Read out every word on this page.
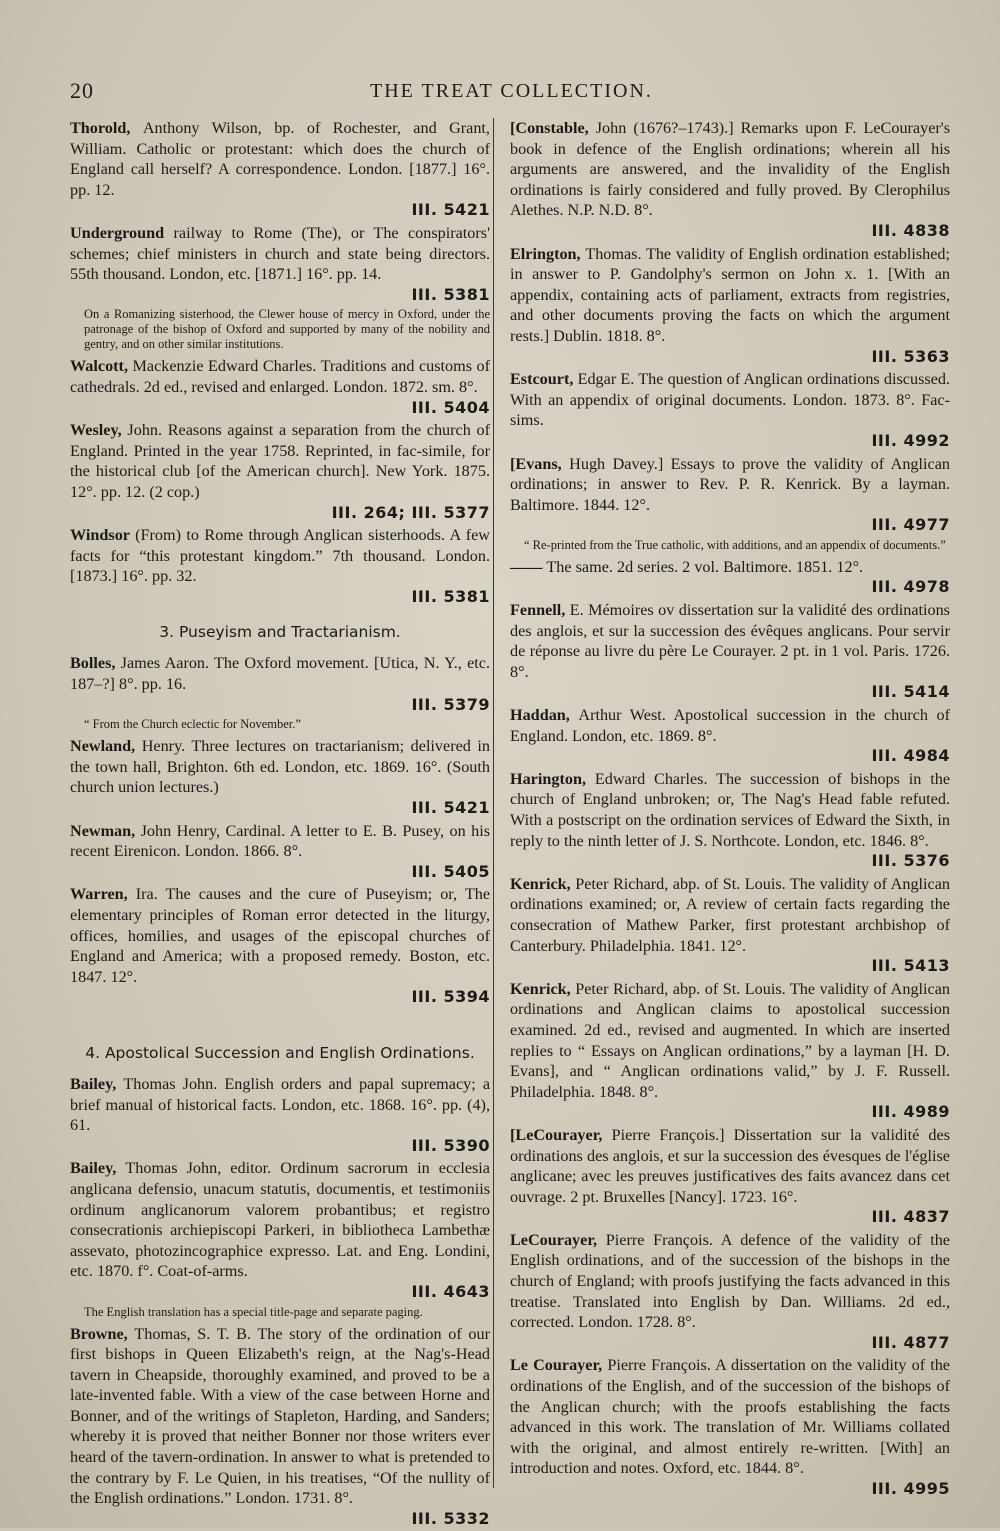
20	THE TREAT COLLECTION.
Thorold, Anthony Wilson, bp. of Rochester, and Grant, William. Catholic or protestant: which does the church of England call herself? A correspondence. London. [1877.] 16°. pp. 12.
III. 5421
Underground railway to Rome (The), or The conspirators' schemes; chief ministers in church and state being directors. 55th thousand. London, etc. [1871.] 16°. pp. 14.
III. 5381
On a Romanizing sisterhood, the Clewer house of mercy in Oxford, under the patronage of the bishop of Oxford and supported by many of the nobility and gentry, and on other similar institutions.
Walcott, Mackenzie Edward Charles. Traditions and customs of cathedrals. 2d ed., revised and enlarged. London. 1872. sm. 8°.
III. 5404
Wesley, John. Reasons against a separation from the church of England. Printed in the year 1758. Reprinted, in fac-simile, for the historical club [of the American church]. New York. 1875. 12°. pp. 12. (2 cop.)
III. 264; III. 5377
Windsor (From) to Rome through Anglican sisterhoods. A few facts for “this protestant kingdom.” 7th thousand. London. [1873.] 16°. pp. 32.
III. 5381
3. Puseyism and Tractarianism.
Bolles, James Aaron. The Oxford movement. [Utica, N. Y., etc. 187–?] 8°. pp. 16.
III. 5379
“ From the Church eclectic for November.”
Newland, Henry. Three lectures on tractarianism; delivered in the town hall, Brighton. 6th ed. London, etc. 1869. 16°. (South church union lectures.)
III. 5421
Newman, John Henry, Cardinal. A letter to E. B. Pusey, on his recent Eirenicon. London. 1866. 8°.
III. 5405
Warren, Ira. The causes and the cure of Puseyism; or, The elementary principles of Roman error detected in the liturgy, offices, homilies, and usages of the episcopal churches of England and America; with a proposed remedy. Boston, etc. 1847. 12°.
III. 5394
4. Apostolical Succession and English Ordinations.
Bailey, Thomas John. English orders and papal supremacy; a brief manual of historical facts. London, etc. 1868. 16°. pp. (4), 61.
III. 5390
Bailey, Thomas John, editor. Ordinum sacrorum in ecclesia anglicana defensio, unacum statutis, documentis, et testimoniis ordinum anglicanorum valorem probantibus; et registro consecrationis archiepiscopi Parkeri, in bibliotheca Lambethæ assevato, photozincographice expresso. Lat. and Eng. Londini, etc. 1870. f°. Coat-of-arms.
III. 4643
The English translation has a special title-page and separate paging.
Browne, Thomas, S. T. B. The story of the ordination of our first bishops in Queen Elizabeth's reign, at the Nag's-Head tavern in Cheapside, thoroughly examined, and proved to be a late-invented fable. With a view of the case between Horne and Bonner, and of the writings of Stapleton, Harding, and Sanders; whereby it is proved that neither Bonner nor those writers ever heard of the tavern-ordination. In answer to what is pretended to the contrary by F. Le Quien, in his treatises, “Of the nullity of the English ordinations.” London. 1731. 8°.
III. 5332
[Constable, John (1676?–1743).] Remarks upon F. LeCourayer's book in defence of the English ordinations; wherein all his arguments are answered, and the invalidity of the English ordinations is fairly considered and fully proved. By Clerophilus Alethes. N.P. N.D. 8°.
III. 4838
Elrington, Thomas. The validity of English ordination established; in answer to P. Gandolphy's sermon on John x. 1. [With an appendix, containing acts of parliament, extracts from registries, and other documents proving the facts on which the argument rests.] Dublin. 1818. 8°.
III. 5363
Estcourt, Edgar E. The question of Anglican ordinations discussed. With an appendix of original documents. London. 1873. 8°. Fac-sims.
III. 4992
[Evans, Hugh Davey.] Essays to prove the validity of Anglican ordinations; in answer to Rev. P. R. Kenrick. By a layman. Baltimore. 1844. 12°.
III. 4977
“ Re-printed from the True catholic, with additions, and an appendix of documents.”
—— The same. 2d series. 2 vol. Baltimore. 1851. 12°.
III. 4978
Fennell, E. Mémoires ov dissertation sur la validité des ordinations des anglois, et sur la succession des évêques anglicans. Pour servir de réponse au livre du père Le Courayer. 2 pt. in 1 vol. Paris. 1726. 8°.
III. 5414
Haddan, Arthur West. Apostolical succession in the church of England. London, etc. 1869. 8°.
III. 4984
Harington, Edward Charles. The succession of bishops in the church of England unbroken; or, The Nag's Head fable refuted. With a postscript on the ordination services of Edward the Sixth, in reply to the ninth letter of J. S. Northcote. London, etc. 1846. 8°.
III. 5376
Kenrick, Peter Richard, abp. of St. Louis. The validity of Anglican ordinations examined; or, A review of certain facts regarding the consecration of Mathew Parker, first protestant archbishop of Canterbury. Philadelphia. 1841. 12°.
III. 5413
Kenrick, Peter Richard, abp. of St. Louis. The validity of Anglican ordinations and Anglican claims to apostolical succession examined. 2d ed., revised and augmented. In which are inserted replies to “ Essays on Anglican ordinations,” by a layman [H. D. Evans], and “ Anglican ordinations valid,” by J. F. Russell. Philadelphia. 1848. 8°.
III. 4989
[LeCourayer, Pierre François.] Dissertation sur la validité des ordinations des anglois, et sur la succession des évesques de l'église anglicane; avec les preuves justificatives des faits avancez dans cet ouvrage. 2 pt. Bruxelles [Nancy]. 1723. 16°.
III. 4837
LeCourayer, Pierre François. A defence of the validity of the English ordinations, and of the succession of the bishops in the church of England; with proofs justifying the facts advanced in this treatise. Translated into English by Dan. Williams. 2d ed., corrected. London. 1728. 8°.
III. 4877
Le Courayer, Pierre François. A dissertation on the validity of the ordinations of the English, and of the succession of the bishops of the Anglican church; with the proofs establishing the facts advanced in this work. The translation of Mr. Williams collated with the original, and almost entirely re-written. [With] an introduction and notes. Oxford, etc. 1844. 8°.
III. 4995
